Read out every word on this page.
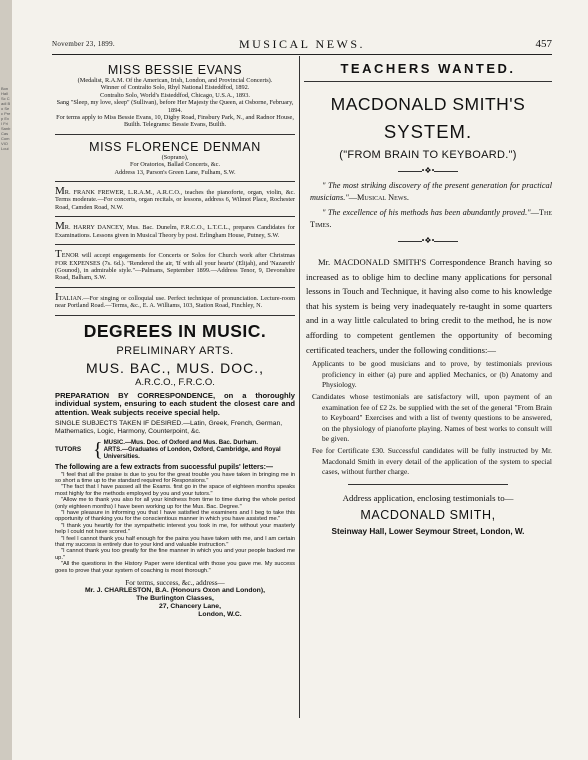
Bon Hall Sc Cadl Bo Sec Prep Ex I Fri Sanb Cas Com VIO Loui
November 23, 1899.	MUSICAL NEWS.	457
MISS BESSIE EVANS

(Medalist, R.A.M. Of the American, Irish, London, and Provincial Concerts).

Winner of Contralto Solo, Rhyl National Eisteddfod, 1892.

Contralto Solo, World's Eisteddfod, Chicago, U.S.A., 1893.

Sang "Sleep, my love, sleep" (Sullivan), before Her Majesty the Queen, at Osborne, February, 1894.

For terms apply to Miss Bessie Evans, 10, Digby Road, Finsbury Park, N., and Radnor House, Builth. Telegrams: Bessie Evans, Builth.

MISS FLORENCE DENMAN

(Soprano),

For Oratorios, Ballad Concerts, &c.

Address 13, Parson's Green Lane, Fulham, S.W.

MR. FRANK FREWER, L.R.A.M., A.R.C.O., teaches the pianoforte, organ, violin, &c. Terms moderate.—For concerts, organ recitals, or lessons, address 6, Wilmot Place, Rochester Road, Camden Road, N.W.

MR. HARRY DANCEY, Mus. Bac. Dunelm, F.R.C.O., L.T.C.L., prepares Candidates for Examinations. Lessons given in Musical Theory by post. Erlingham House, Putney, S.W.

TENOR will accept engagements for Concerts or Solos for Church work after Christmas FOR EXPENSES (7s. 6d.). "Rendered the air, 'If with all your hearts' (Elijah), and 'Nazareth' (Gounod), in admirable style."—Palmans, September 1899.—Address Tenor, 9, Devonshire Road, Balham, S.W.

ITALIAN.—For singing or colloquial use. Perfect technique of pronunciation. Lecture-room near Portland Road.—Terms, &c., E. A. Williams, 103, Station Road, Finchley, N.

DEGREES IN MUSIC.
PRELIMINARY ARTS.
MUS. BAC., MUS. DOC.,
A.R.C.O., F.R.C.O.

PREPARATION BY CORRESPONDENCE, on a thoroughly individual system, ensuring to each student the closest care and attention. Weak subjects receive special help.

SINGLE SUBJECTS TAKEN IF DESIRED.—Latin, Greek, French, German, Mathematics, Logic, Harmony, Counterpoint, &c.

TUTORS { MUSIC.—Mus. Doc. of Oxford and Mus. Bac. Durham.
ARTS.—Graduates of London, Oxford, Cambridge, and Royal Universities.

The following are a few extracts from successful pupils' letters:—

"I feel that all the praise is due to you for the great trouble you have taken in bringing me in so short a time up to the standard required for Responsions."

"The fact that I have passed all the Exams. first go in the space of eighteen months speaks most highly for the methods employed by you and your tutors."

"Allow me to thank you also for all your kindness from time to time during the whole period (only eighteen months) I have been working up for the Mus. Bac. Degree."

"I have pleasure in informing you that I have satisfied the examiners and I beg to take this opportunity of thanking you for the conscientious manner in which you have assisted me."

"I thank you heartily for the sympathetic interest you took in me, for without your masterly help I could not have scored."

"I feel I cannot thank you half enough for the pains you have taken with me, and I am certain that my success is entirely due to your kind and valuable instruction."

"I cannot thank you too greatly for the fine manner in which you and your people backed me up."

"All the questions in the History Paper were identical with those you gave me. My success goes to prove that your system of coaching is most thorough."

For terms, success, &c., address—
Mr. J. CHARLESTON, B.A. (Honours Oxon and London),
The Burlington Classes,
27, Chancery Lane,
London, W.C.
TEACHERS WANTED.
MACDONALD SMITH'S
SYSTEM.
("FROM BRAIN TO KEYBOARD.")
•❖•

" The most striking discovery of the present generation for practical musicians."—Musical News.

" The excellence of his methods has been abundantly proved."—The Times.

•❖•

Mr. MACDONALD SMITH'S Correspondence Branch having so increased as to oblige him to decline many applications for personal lessons in Touch and Technique, it having also come to his knowledge that his system is being very inadequately re-taught in some quarters and in a way little calculated to bring credit to the method, he is now affording to competent gentlemen the opportunity of becoming certificated teachers, under the following conditions:—

Applicants to be good musicians and to prove, by testimonials previous proficiency in either (a) pure and applied Mechanics, or (b) Anatomy and Physiology.

Candidates whose testimonials are satisfactory will, upon payment of an examination fee of £2 2s. be supplied with the set of the general "From Brain to Keyboard" Exercises and with a list of twenty questions to be answered, on the physiology of pianoforte playing. Names of best works to consult will be given.

Fee for Certificate £30. Successful candidates will be fully instructed by Mr. Macdonald Smith in every detail of the application of the system to special cases, without further charge.

Address application, enclosing testimonials to—
MACDONALD SMITH,
Steinway Hall, Lower Seymour Street, London, W.
